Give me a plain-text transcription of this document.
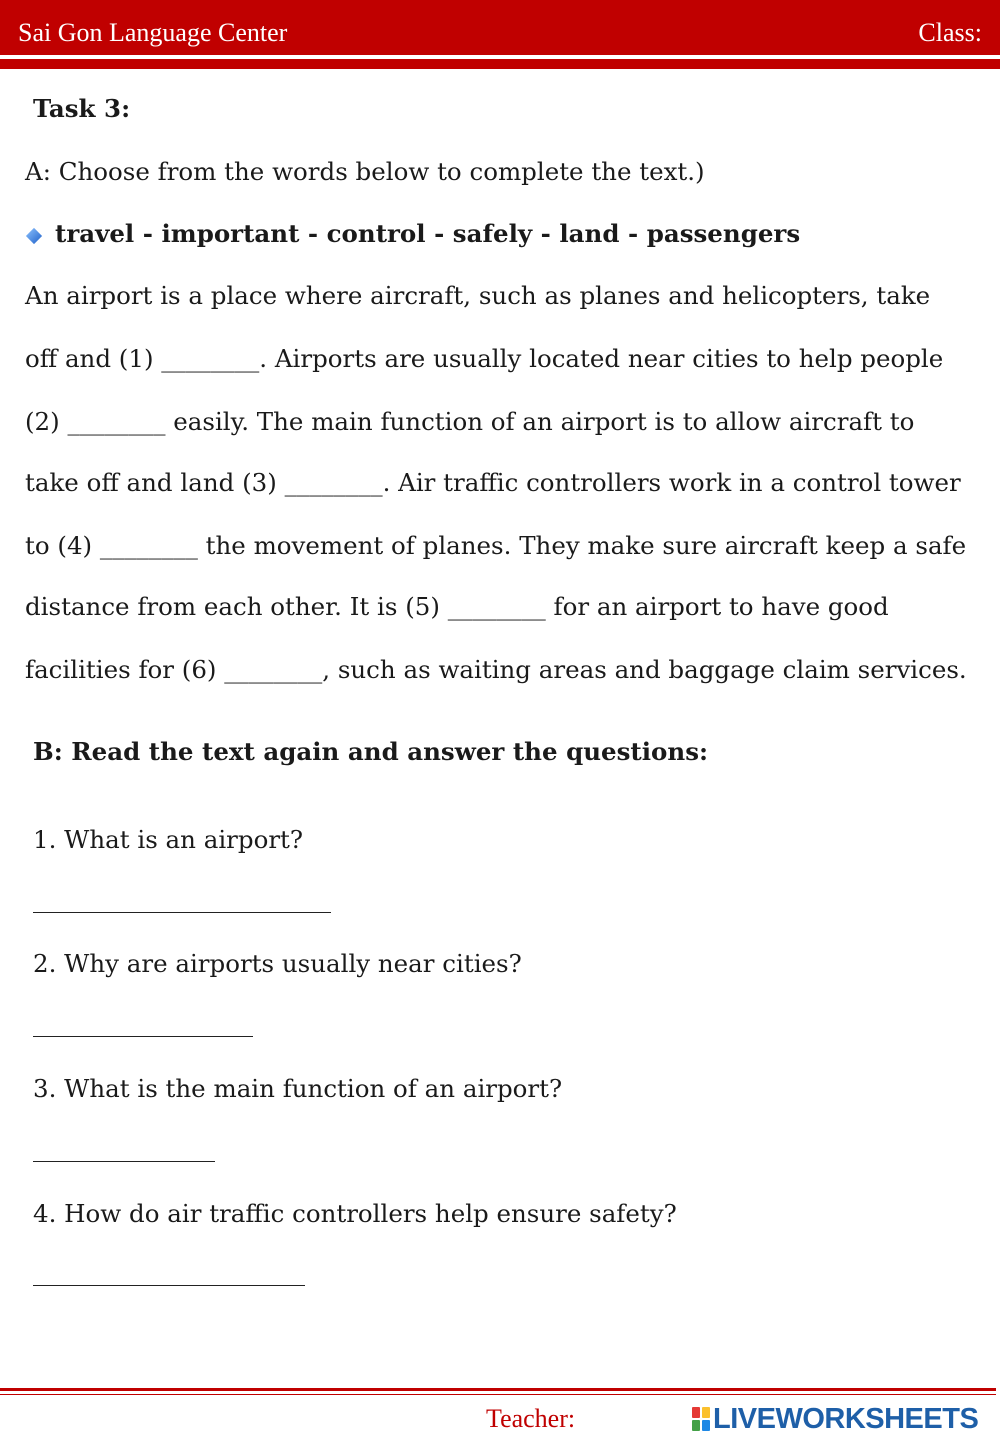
Sai Gon Language Center	Class:
Task 3:
A: Choose from the words below to complete the text.)
travel - important - control - safely - land - passengers
An airport is a place where aircraft, such as planes and helicopters, take
off and (1) ________. Airports are usually located near cities to help people
(2) ________ easily. The main function of an airport is to allow aircraft to
take off and land (3) ________. Air traffic controllers work in a control tower
to (4) ________ the movement of planes. They make sure aircraft keep a safe
distance from each other. It is (5) ________ for an airport to have good
facilities for (6) ________, such as waiting areas and baggage claim services.
B: Read the text again and answer the questions:
1. What is an airport?
2. Why are airports usually near cities?
3. What is the main function of an airport?
4. How do air traffic controllers help ensure safety?
Teacher:	LIVEWORKSHEETS
